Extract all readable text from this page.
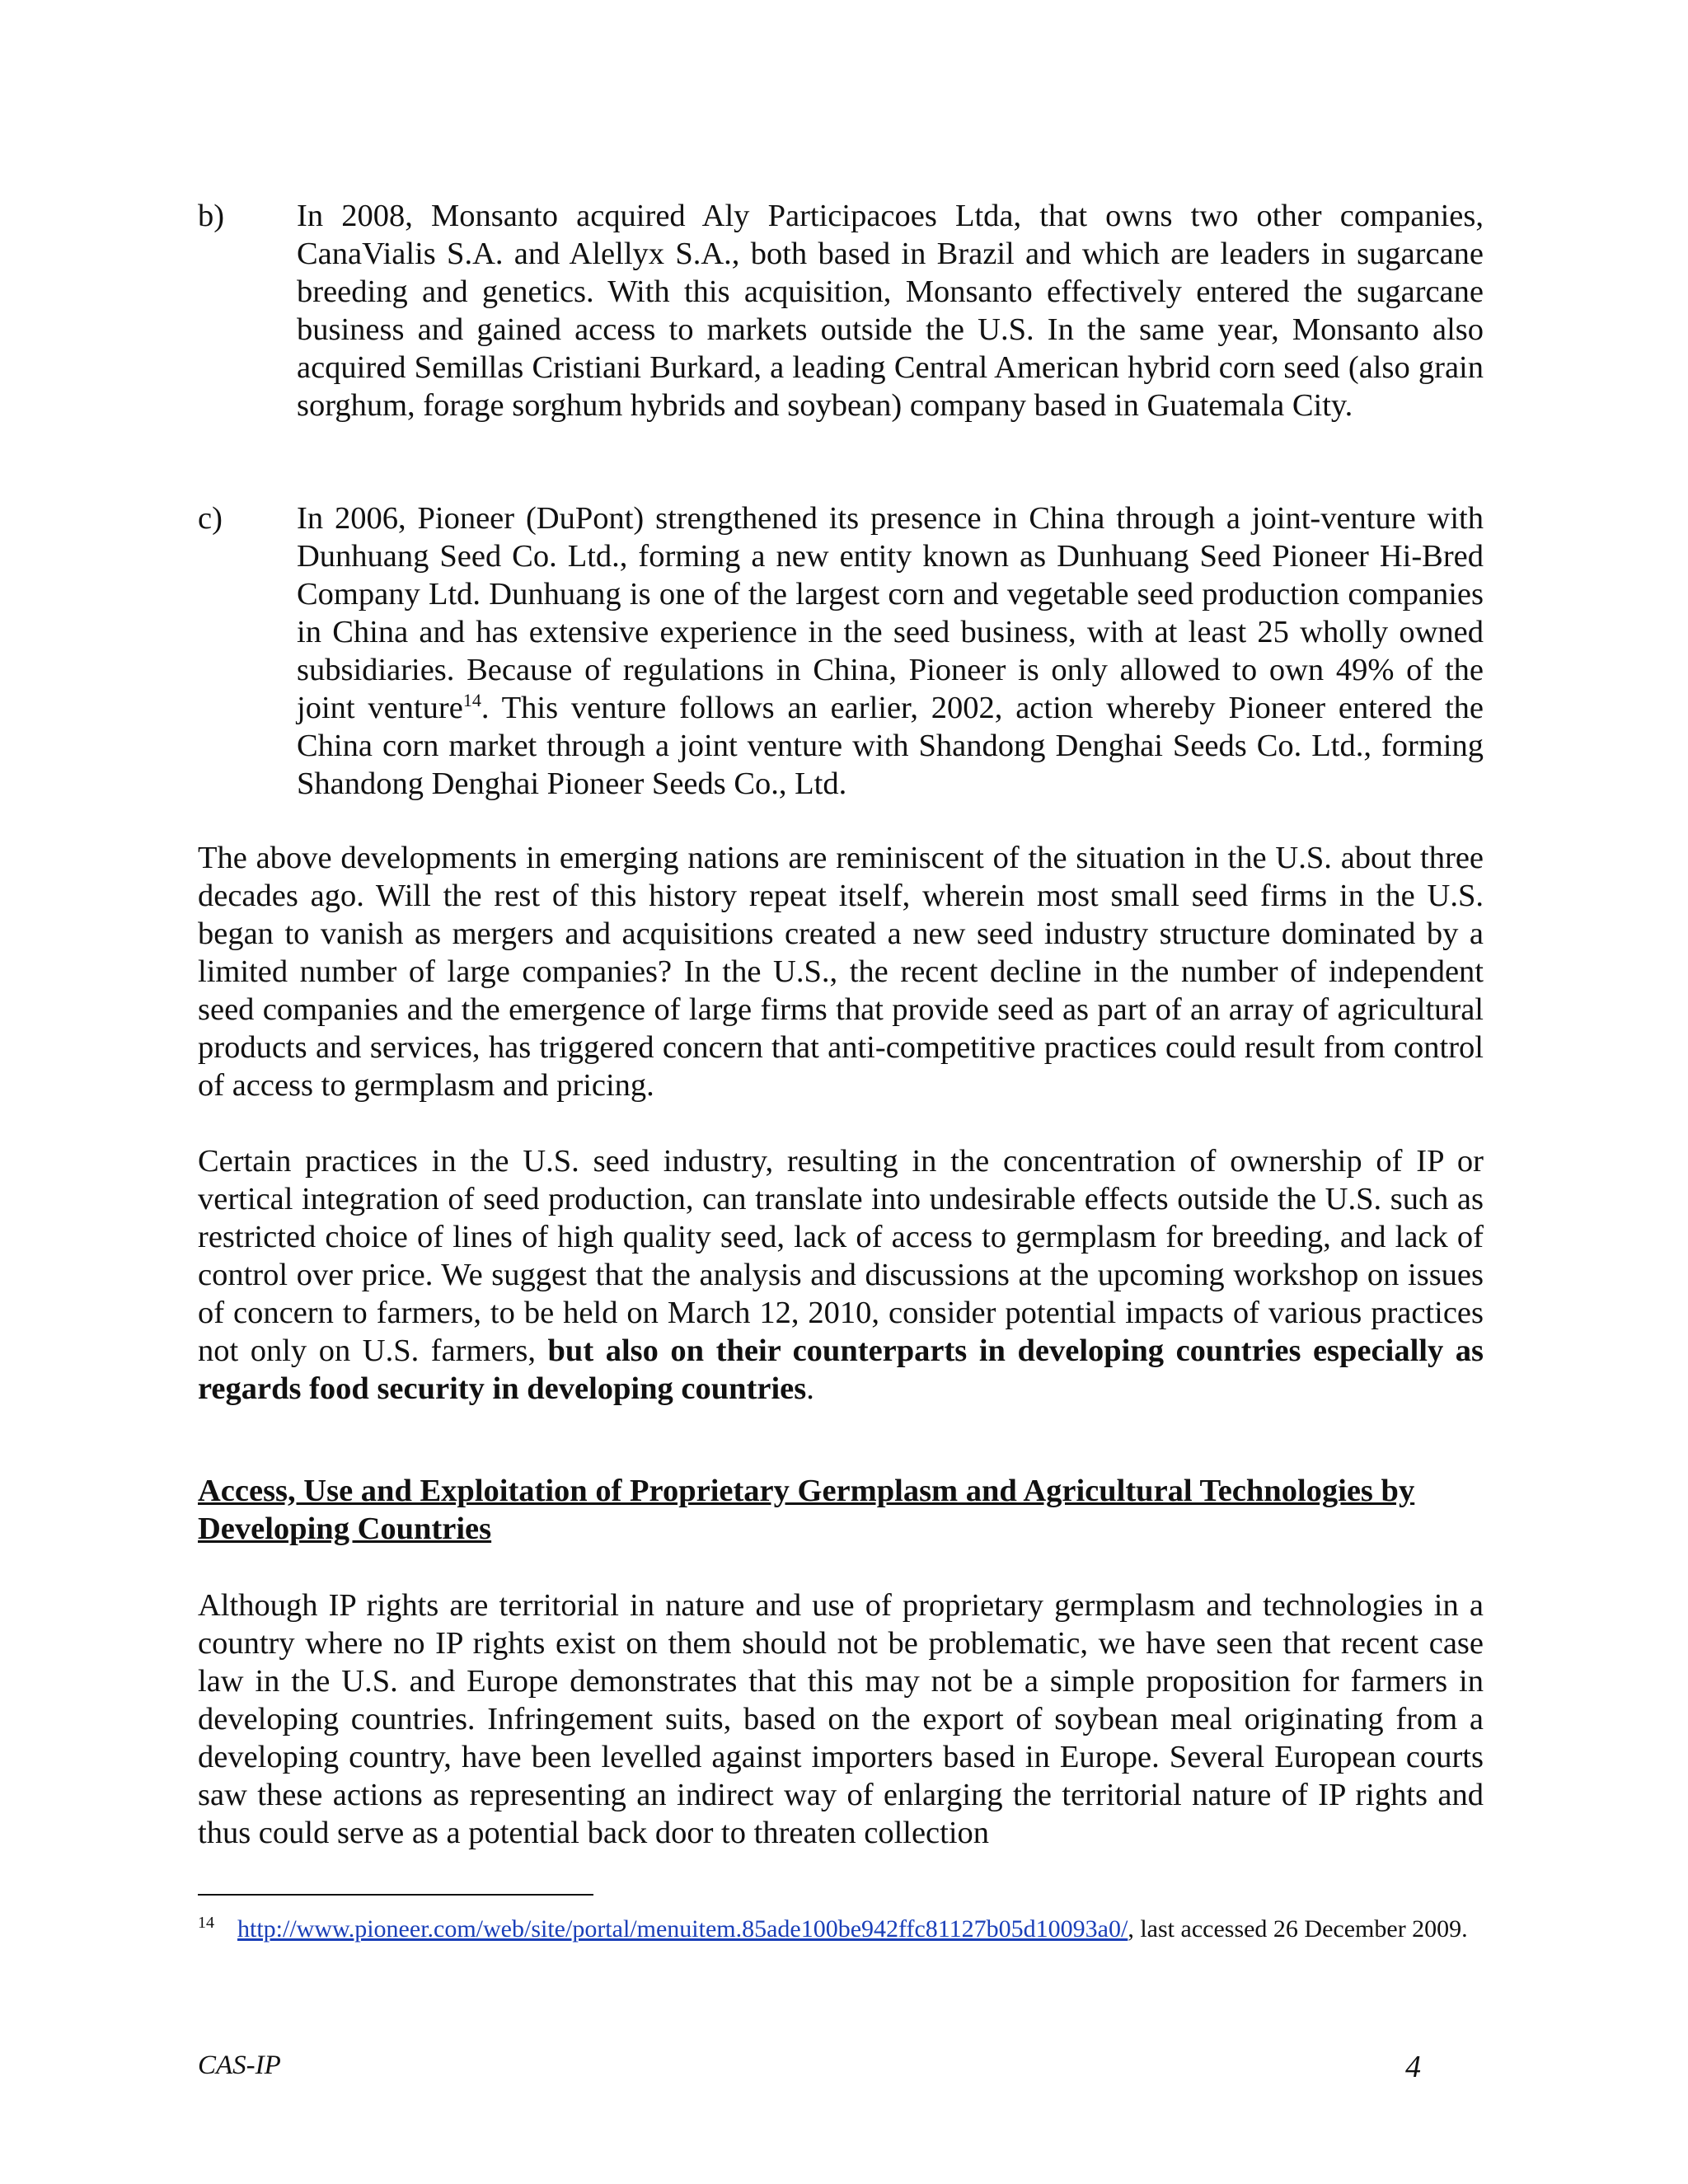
b) In 2008, Monsanto acquired Aly Participacoes Ltda, that owns two other companies, CanaVialis S.A. and Alellyx S.A., both based in Brazil and which are leaders in sugarcane breeding and genetics. With this acquisition, Monsanto effectively entered the sugarcane business and gained access to markets outside the U.S. In the same year, Monsanto also acquired Semillas Cristiani Burkard, a leading Central American hybrid corn seed (also grain sorghum, forage sorghum hybrids and soybean) company based in Guatemala City.
c) In 2006, Pioneer (DuPont) strengthened its presence in China through a joint-venture with Dunhuang Seed Co. Ltd., forming a new entity known as Dunhuang Seed Pioneer Hi-Bred Company Ltd. Dunhuang is one of the largest corn and vegetable seed production companies in China and has extensive experience in the seed business, with at least 25 wholly owned subsidiaries. Because of regulations in China, Pioneer is only allowed to own 49% of the joint venture$^{14}$. This venture follows an earlier, 2002, action whereby Pioneer entered the China corn market through a joint venture with Shandong Denghai Seeds Co. Ltd., forming Shandong Denghai Pioneer Seeds Co., Ltd.
The above developments in emerging nations are reminiscent of the situation in the U.S. about three decades ago. Will the rest of this history repeat itself, wherein most small seed firms in the U.S. began to vanish as mergers and acquisitions created a new seed industry structure dominated by a limited number of large companies? In the U.S., the recent decline in the number of independent seed companies and the emergence of large firms that provide seed as part of an array of agricultural products and services, has triggered concern that anti-competitive practices could result from control of access to germplasm and pricing.
Certain practices in the U.S. seed industry, resulting in the concentration of ownership of IP or vertical integration of seed production, can translate into undesirable effects outside the U.S. such as restricted choice of lines of high quality seed, lack of access to germplasm for breeding, and lack of control over price. We suggest that the analysis and discussions at the upcoming workshop on issues of concern to farmers, to be held on March 12, 2010, consider potential impacts of various practices not only on U.S. farmers, but also on their counterparts in developing countries especially as regards food security in developing countries.
Access, Use and Exploitation of Proprietary Germplasm and Agricultural Technologies by Developing Countries
Although IP rights are territorial in nature and use of proprietary germplasm and technologies in a country where no IP rights exist on them should not be problematic, we have seen that recent case law in the U.S. and Europe demonstrates that this may not be a simple proposition for farmers in developing countries. Infringement suits, based on the export of soybean meal originating from a developing country, have been levelled against importers based in Europe. Several European courts saw these actions as representing an indirect way of enlarging the territorial nature of IP rights and thus could serve as a potential back door to threaten collection
$^{14}$ http://www.pioneer.com/web/site/portal/menuitem.85ade100be942ffc81127b05d10093a0/, last accessed 26 December 2009.
CAS-IP	4
